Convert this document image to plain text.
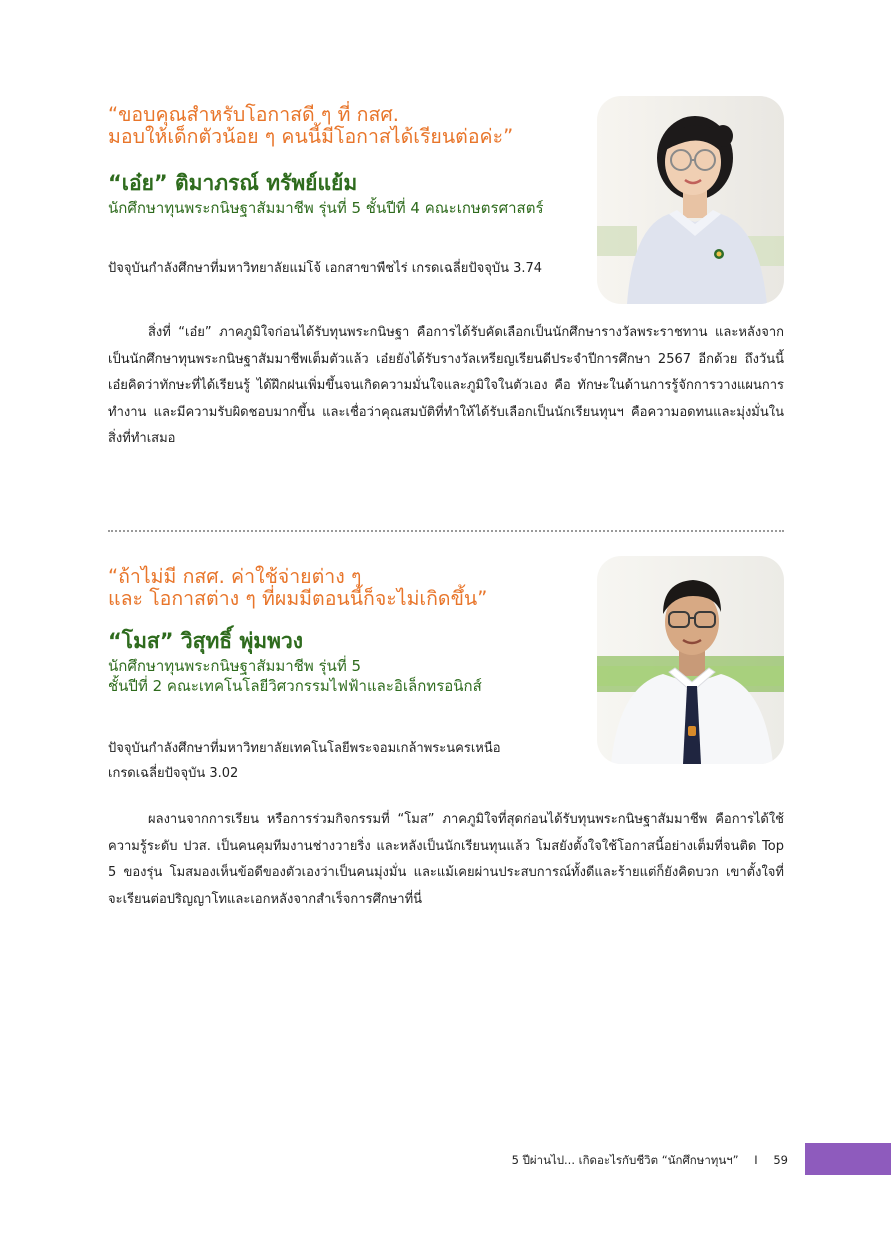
“ขอบคุณสำหรับโอกาสดี ๆ ที่ กสศ.
มอบให้เด็กตัวน้อย ๆ คนนี้มีโอกาสได้เรียนต่อค่ะ”
“เอ๋ย” ติมาภรณ์ ทรัพย์แย้ม
นักศึกษาทุนพระกนิษฐาสัมมาชีพ รุ่นที่ 5 ชั้นปีที่ 4 คณะเกษตรศาสตร์
ปัจจุบันกำลังศึกษาที่มหาวิทยาลัยแม่โจ้ เอกสาขาพืชไร่ เกรดเฉลี่ยปัจจุบัน 3.74

สิ่งที่ “เอ๋ย” ภาคภูมิใจก่อนได้รับทุนพระกนิษฐา คือการได้รับคัดเลือกเป็นนักศึกษารางวัลพระราชทาน และหลังจากเป็นนักศึกษาทุนพระกนิษฐาสัมมาชีพเต็มตัวแล้ว เอ๋ยยังได้รับรางวัลเหรียญเรียนดีประจำปีการศึกษา 2567 อีกด้วย ถึงวันนี้เอ๋ยคิดว่าทักษะที่ได้เรียนรู้ ได้ฝึกฝนเพิ่มขึ้นจนเกิดความมั่นใจและภูมิใจในตัวเอง คือ ทักษะในด้านการรู้จักการวางแผนการทำงาน และมีความรับผิดชอบมากขึ้น และเชื่อว่าคุณสมบัติที่ทำให้ได้รับเลือกเป็นนักเรียนทุนฯ คือความอดทนและมุ่งมั่นในสิ่งที่ทำเสมอ

“ถ้าไม่มี กสศ. ค่าใช้จ่ายต่าง ๆ
และ โอกาสต่าง ๆ ที่ผมมีตอนนี้ก็จะไม่เกิดขึ้น”
“โมส” วิสุทธิ์ พุ่มพวง
นักศึกษาทุนพระกนิษฐาสัมมาชีพ รุ่นที่ 5
ชั้นปีที่ 2 คณะเทคโนโลยีวิศวกรรมไฟฟ้าและอิเล็กทรอนิกส์
ปัจจุบันกำลังศึกษาที่มหาวิทยาลัยเทคโนโลยีพระจอมเกล้าพระนครเหนือ
เกรดเฉลี่ยปัจจุบัน 3.02

ผลงานจากการเรียน หรือการร่วมกิจกรรมที่ “โมส” ภาคภูมิใจที่สุดก่อนได้รับทุนพระกนิษฐาสัมมาชีพ คือการได้ใช้ความรู้ระดับ ปวส. เป็นคนคุมทีมงานช่างวายริ่ง และหลังเป็นนักเรียนทุนแล้ว โมสยังตั้งใจใช้โอกาสนี้อย่างเต็มที่จนติด Top 5 ของรุ่น โมสมองเห็นข้อดีของตัวเองว่าเป็นคนมุ่งมั่น และแม้เคยผ่านประสบการณ์ทั้งดีและร้ายแต่ก็ยังคิดบวก เขาตั้งใจที่จะเรียนต่อปริญญาโทและเอกหลังจากสำเร็จการศึกษาที่นี่

5 ปีผ่านไป... เกิดอะไรกับชีวิต “นักศึกษาทุนฯ” I 59
